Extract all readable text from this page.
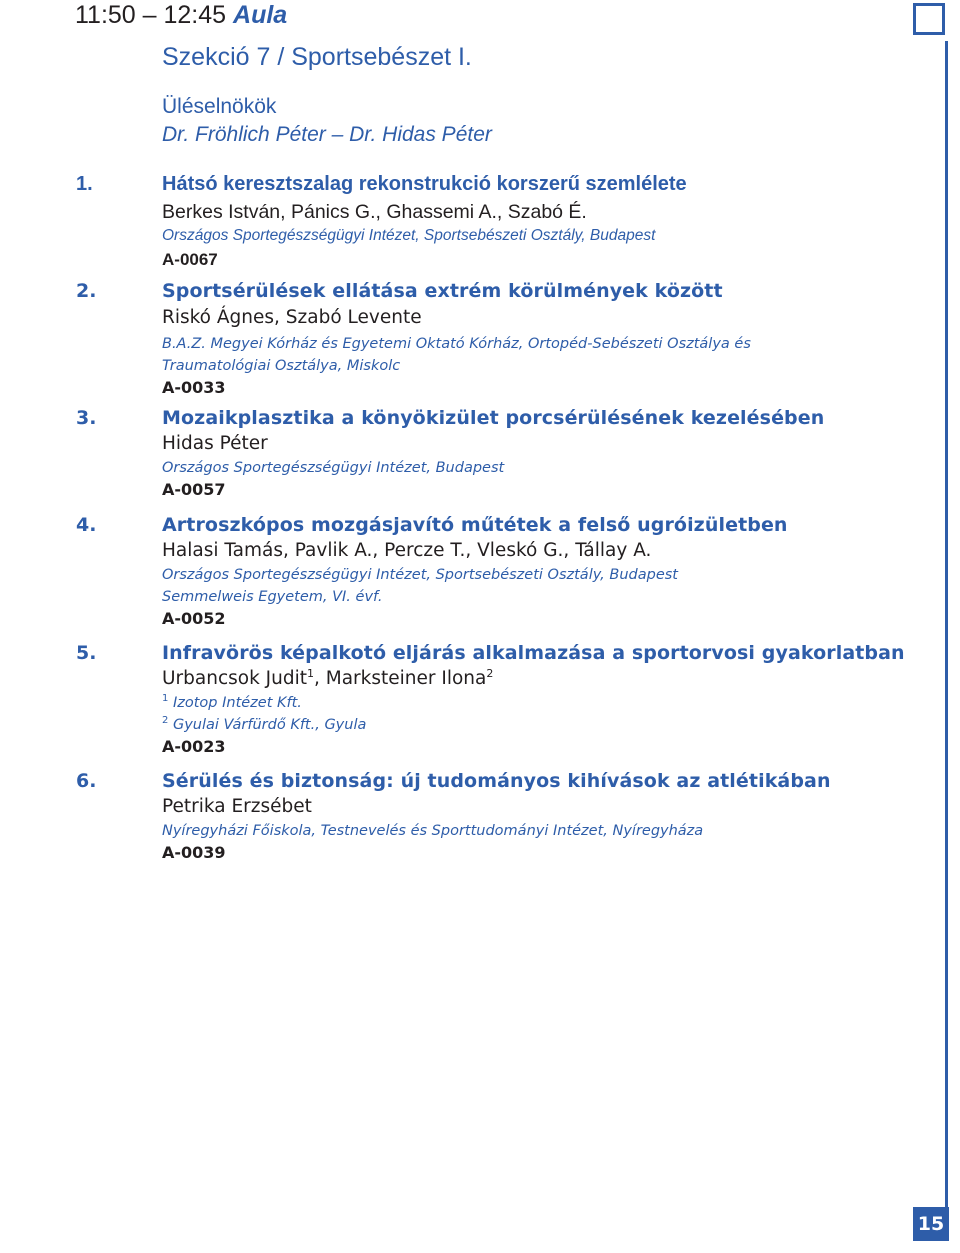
11:50 – 12:45 Aula
Szekció 7 / Sportsebészet I.
Üléselnökök
Dr. Fröhlich Péter – Dr. Hidas Péter
1.	Hátsó keresztszalag rekonstrukció korszerű szemlélete
Berkes István, Pánics G., Ghassemi A., Szabó É.
Országos Sportegészségügyi Intézet, Sportsebészeti Osztály, Budapest
A-0067
2.	Sportsérülések ellátása extrém körülmények között
Riskó Ágnes, Szabó Levente
B.A.Z. Megyei Kórház és Egyetemi Oktató Kórház, Ortopéd-Sebészeti Osztálya és
Traumatológiai Osztálya, Miskolc
A-0033
3.	Mozaikplasztika a könyökizület porcsérülésének kezelésében
Hidas Péter
Országos Sportegészségügyi Intézet, Budapest
A-0057
4.	Artroszkópos mozgásjavító műtétek a felső ugróizületben
Halasi Tamás, Pavlik A., Percze T., Vleskó G., Tállay A.
Országos Sportegészségügyi Intézet, Sportsebészeti Osztály, Budapest
Semmelweis Egyetem, VI. évf.
A-0052
5.	Infravörös képalkotó eljárás alkalmazása a sportorvosi gyakorlatban
Urbancsok Judit$^1$, Marksteiner Ilona$^2$
$^1$ Izotop Intézet Kft.
$^2$ Gyulai Várfürdő Kft., Gyula
A-0023
6.	Sérülés és biztonság: új tudományos kihívások az atlétikában
Petrika Erzsébet
Nyíregyházi Főiskola, Testnevelés és Sporttudományi Intézet, Nyíregyháza
A-0039
15
